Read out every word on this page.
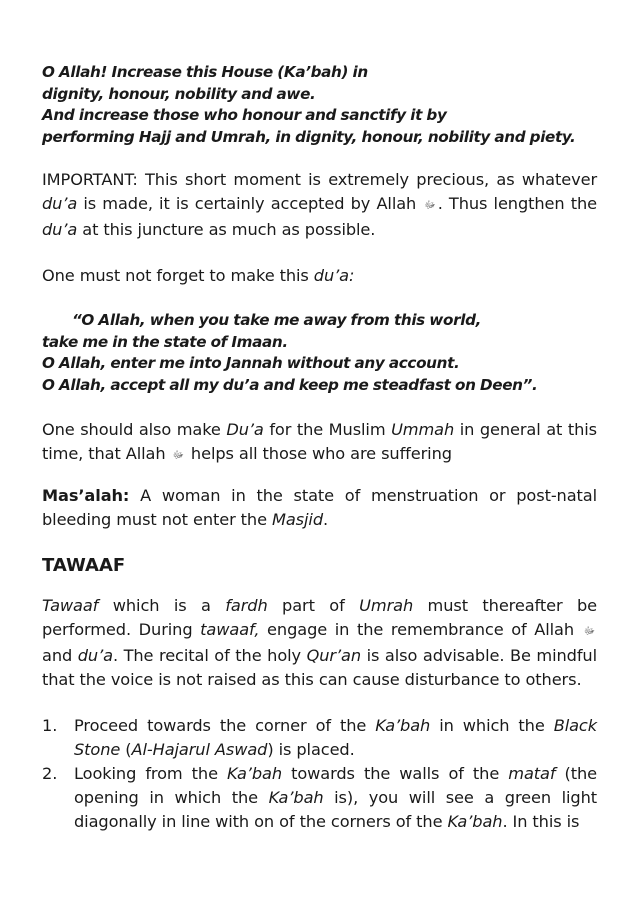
O Allah! Increase this House (Ka’bah) in
dignity, honour, nobility and awe.
And increase those who honour and sanctify it by
performing Hajj and Umrah, in dignity, honour, nobility and piety.

IMPORTANT: This short moment is extremely precious, as whatever du’a is made, it is certainly accepted by Allah ﷻ . Thus lengthen the du’a at this juncture as much as possible.

One must not forget to make this du’a:

“O Allah, when you take me away from this world,
take me in the state of Imaan.
O Allah, enter me into Jannah without any account.
O Allah, accept all my du’a and keep me steadfast on Deen”.

One should also make Du’a for the Muslim Ummah in general at this time, that Allah ﷻ helps all those who are suffering

Mas’alah: A woman in the state of menstruation or post-natal bleeding must not enter the Masjid.

TAWAAF

Tawaaf which is a fardh part of Umrah must thereafter be performed. During tawaaf, engage in the remembrance of Allah ﷻ and du’a. The recital of the holy Qur’an is also advisable. Be mindful that the voice is not raised as this can cause disturbance to others.

1. Proceed towards the corner of the Ka’bah in which the Black Stone (Al-Hajarul Aswad) is placed.
2. Looking from the Ka’bah towards the walls of the mataf (the opening in which the Ka’bah is), you will see a green light diagonally in line with on of the corners of the Ka’bah. In this is
